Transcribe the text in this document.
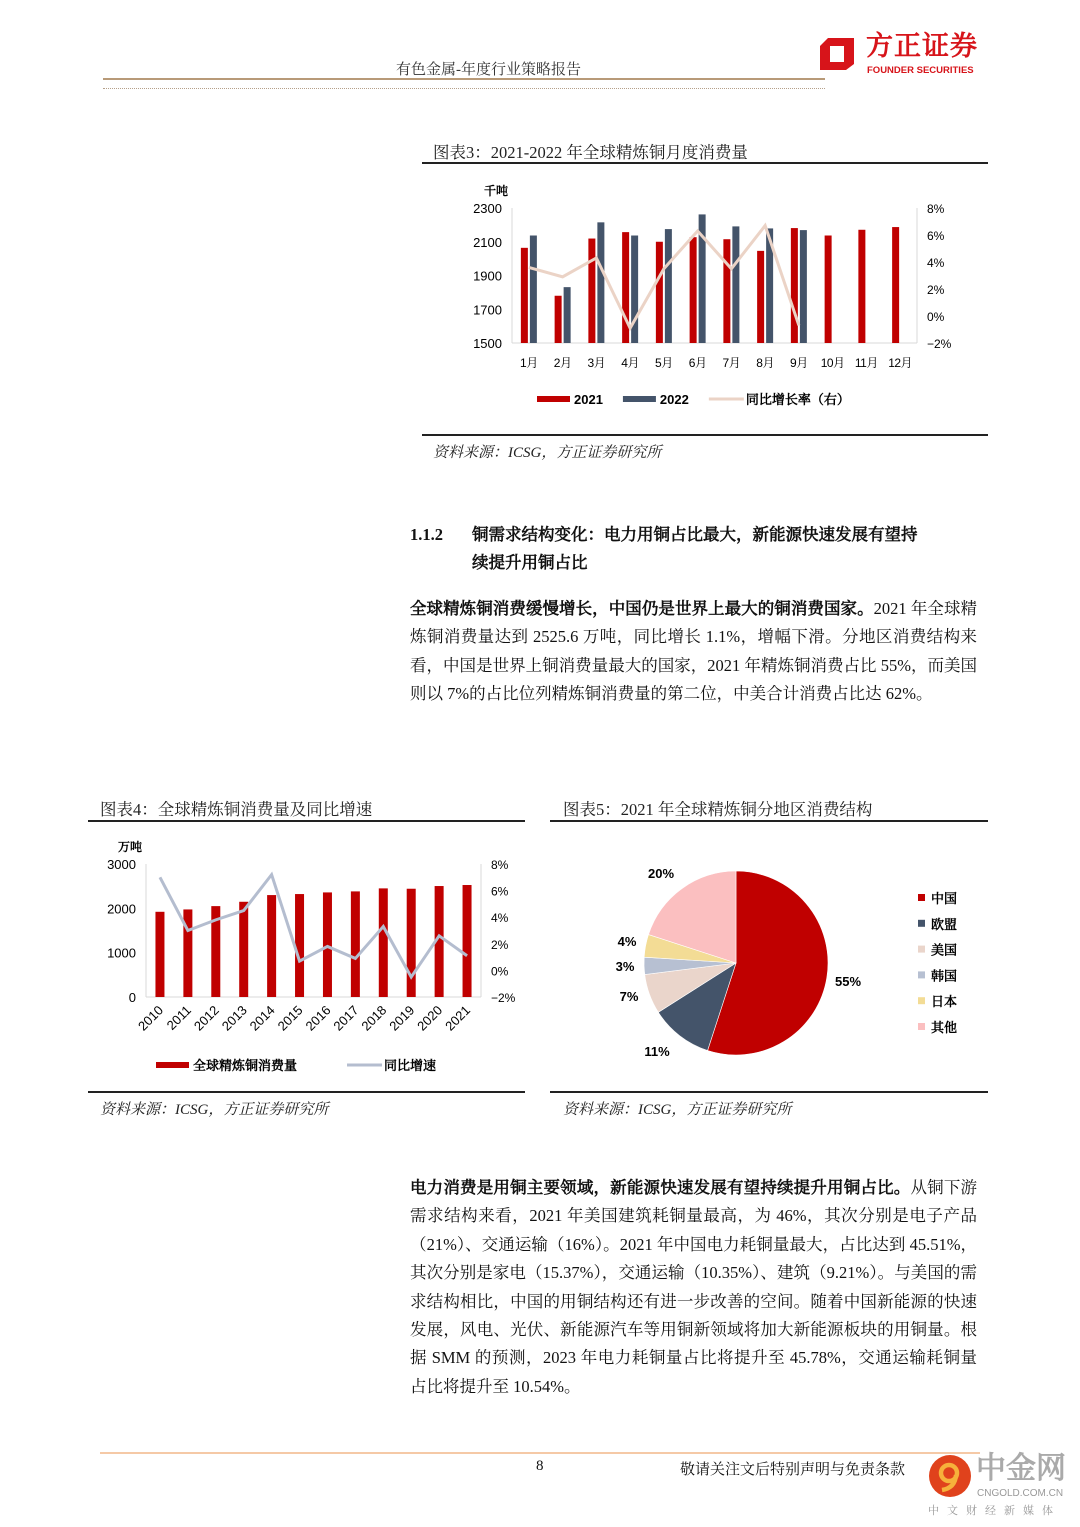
有色金属-年度行业策略报告
方正证券
FOUNDER SECURITIES
图表3：2021-2022 年全球精炼铜月度消费量
千吨
2300
2100
1900
1700
1500
8%
6%
4%
2%
0%
−2%
1月 2月 3月 4月 5月 6月 7月 8月 9月 10月 11月 12月
2021	2022	同比增长率（右）
资料来源：ICSG，方正证券研究所
1.1.2 铜需求结构变化：电力用铜占比最大，新能源快速发展有望持
续提升用铜占比
全球精炼铜消费缓慢增长，中国仍是世界上最大的铜消费国家。2021 年全球精炼铜消费量达到 2525.6 万吨，同比增长 1.1%，增幅下滑。分地区消费结构来看，中国是世界上铜消费量最大的国家，2021 年精炼铜消费占比 55%，而美国则以 7%的占比位列精炼铜消费量的第二位，中美合计消费占比达 62%。
图表4：全球精炼铜消费量及同比增速
万吨
3000
2000
1000
0
8%
6%
4%
2%
0%
−2%
2010
2011
2012
2013
2014
2015
2016
2017
2018
2019
2020
2021
全球精炼铜消费量	同比增速
资料来源：ICSG，方正证券研究所
图表5：2021 年全球精炼铜分地区消费结构
55%
中国
11%
欧盟
7%
美国
3%
韩国
4%
日本
20%
其他
资料来源：ICSG，方正证券研究所
电力消费是用铜主要领域，新能源快速发展有望持续提升用铜占比。从铜下游需求结构来看，2021 年美国建筑耗铜量最高，为 46%，其次分别是电子产品（21%）、交通运输（16%）。2021 年中国电力耗铜量最大，占比达到 45.51%，其次分别是家电（15.37%），交通运输（10.35%）、建筑（9.21%）。与美国的需求结构相比，中国的用铜结构还有进一步改善的空间。随着中国新能源的快速发展，风电、光伏、新能源汽车等用铜新领域将加大新能源板块的用铜量。根据 SMM 的预测，2023 年电力耗铜量占比将提升至 45.78%，交通运输耗铜量占比将提升至 10.54%。
8	敬请关注文后特别声明与免责条款 中金网
CNGOLD.COM.CN
中文财经新媒体
